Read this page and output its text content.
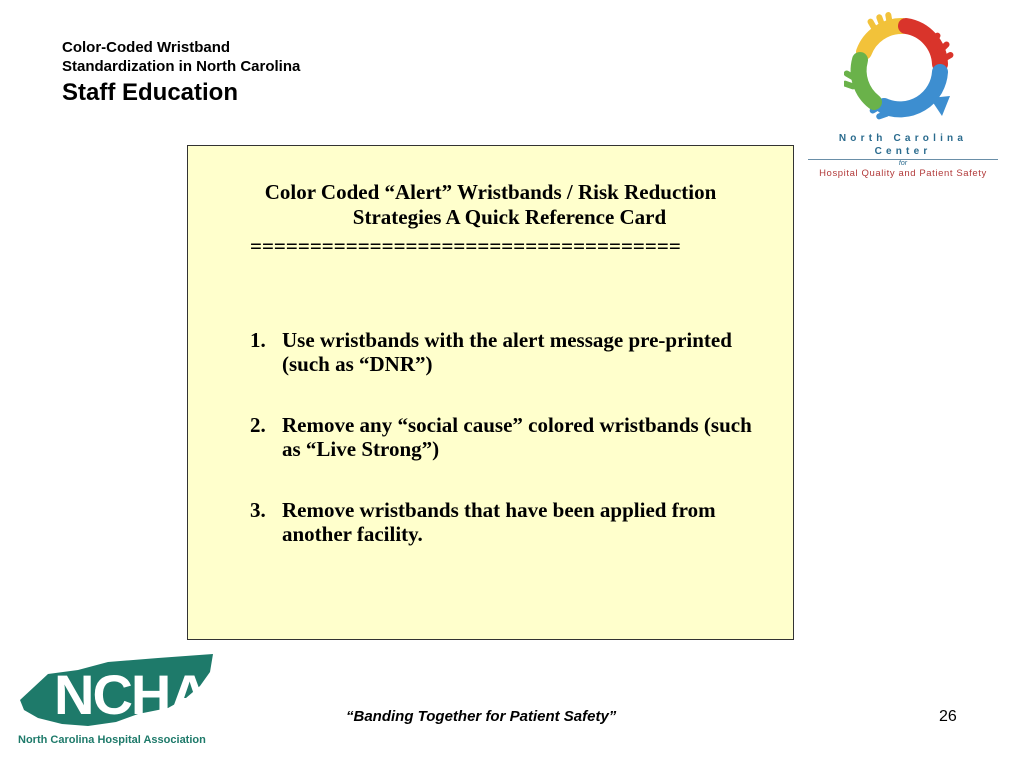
Color-Coded Wristband
Standardization in North Carolina
Staff Education
North Carolina Center
for
Hospital Quality and Patient Safety
Color Coded “Alert” Wristbands / Risk Reduction
Strategies A Quick Reference Card
====================================
1. Use wristbands with the alert message pre-printed (such as “DNR”)
2. Remove any “social cause” colored wristbands (such as “Live Strong”)
3. Remove wristbands that have been applied from another facility.
NCHA
North Carolina Hospital Association
“Banding Together for Patient Safety”	26
